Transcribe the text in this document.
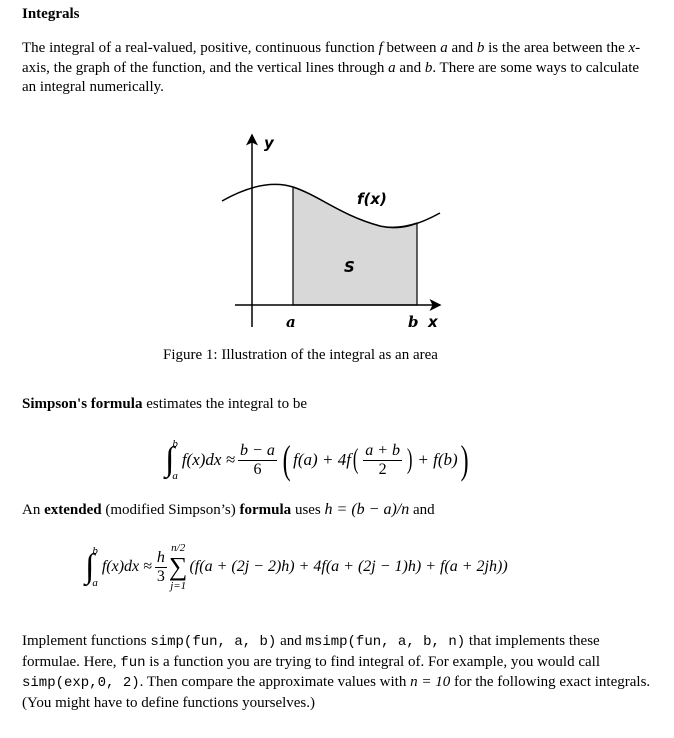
Integrals
The integral of a real-valued, positive, continuous function f between a and b is the area between the x-axis, the graph of the function, and the vertical lines through a and b. There are some ways to calculate an integral numerically.
y
f(x)
S
a	b x
Figure 1: Illustration of the integral as an area
Simpson's formula estimates the integral to be
∫
b
a
$f(x)dx \approx \frac{b - a}{6}$ ( f(a) + 4f ( $\frac{a + b}{2}$ ) + f(b) )
An extended (modified Simpson’s) formula uses h = (b − a)/n and
∫
b
a
$f(x)dx \approx \frac{h}{3}$
n/2
∑
j=1
(f(a + (2j − 2)h) + 4f(a + (2j − 1)h) + f(a + 2jh))
Implement functions simp(fun, a, b) and msimp(fun, a, b, n) that implements these formulae. Here, fun is a function you are trying to find integral of. For example, you would call simp(exp,0, 2). Then compare the approximate values with n = 10 for the following exact integrals. (You might have to define functions yourselves.)
